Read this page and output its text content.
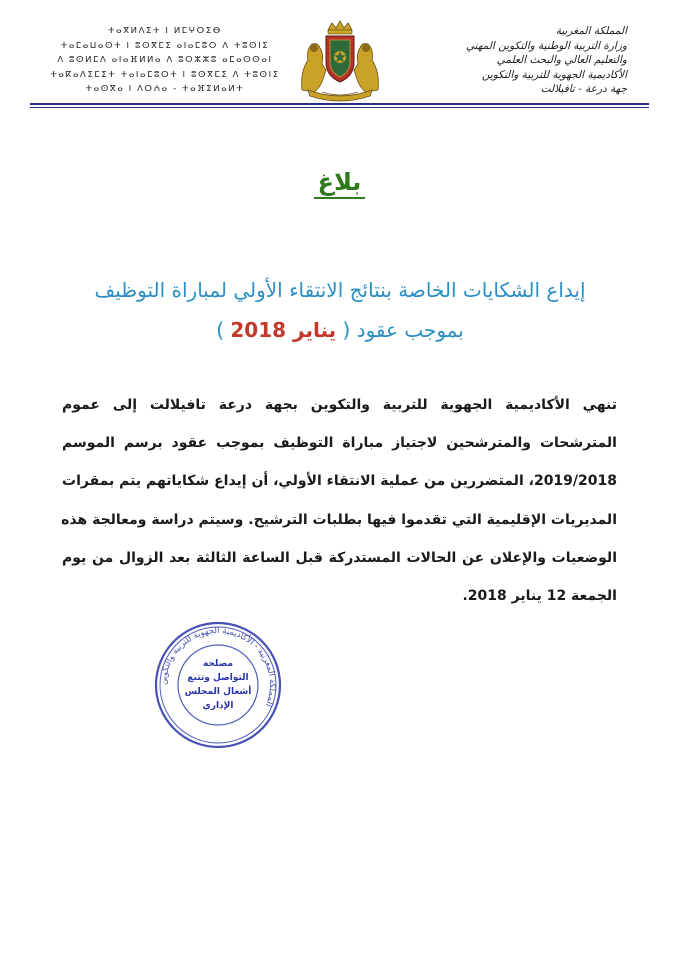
المملكة المغربية
وزارة التربية الوطنية والتكوين المهني
والتعليم العالي والبحث العلمي
الأكاديمية الجهوية للتربية والتكوين
جهة درعة - تافيلالت
ⵜⴰⴳⵍⴷⵉⵜ ⵏ ⵍⵎⵖⵔⵉⴱ
ⵜⴰⵎⴰⵡⴰⵙⵜ ⵏ ⵓⵙⴳⵎⵉ ⴰⵏⴰⵎⵓⵔ ⴷ ⵜⵓⵙⵏⵉ
ⴷ ⵓⵙⵍⵎⴷ ⴰⵏⴰⴼⵍⵍⴰ ⴷ ⵓⵔⵣⵣⵓ ⴰⵎⴰⵙⵙⴰⵏ
ⵜⴰⴽⴰⴷⵉⵎⵉⵜ ⵜⴰⵏⴰⵎⵓⵔⵜ ⵏ ⵓⵙⴳⵎⵉ ⴷ ⵜⵓⵙⵏⵉ
ⵜⴰⵙⴳⴰ ⵏ ⴷⵔⵄⴰ - ⵜⴰⴼⵉⵍⴰⵍⵜ
بلاغ
إيداع الشكايات الخاصة بنتائج الانتقاء الأولي لمباراة التوظيف
بموجب عقود ( يناير 2018 )
تنهي الأكاديمية الجهوية للتربية والتكوين بجهة درعة تافيلالت إلى عموم
المترشحات والمترشحين لاجتياز مباراة التوظيف بموجب عقود برسم الموسم
2019/2018، المتضررين من عملية الانتقاء الأولي، أن إيداع شكاياتهم يتم بمقرات
المديريات الإقليمية التي تقدموا فيها بطلبات الترشيح. وسيتم دراسة ومعالجة هذه
الوضعيات والإعلان عن الحالات المستدركة قبل الساعة الثالثة بعد الزوال من يوم
الجمعة 12 يناير 2018.
المملكة المغربية - الأكاديمية الجهوية للتربية والتكوين
مصلحة
التواصل وتتبع
أشغال المجلس
الإداري
